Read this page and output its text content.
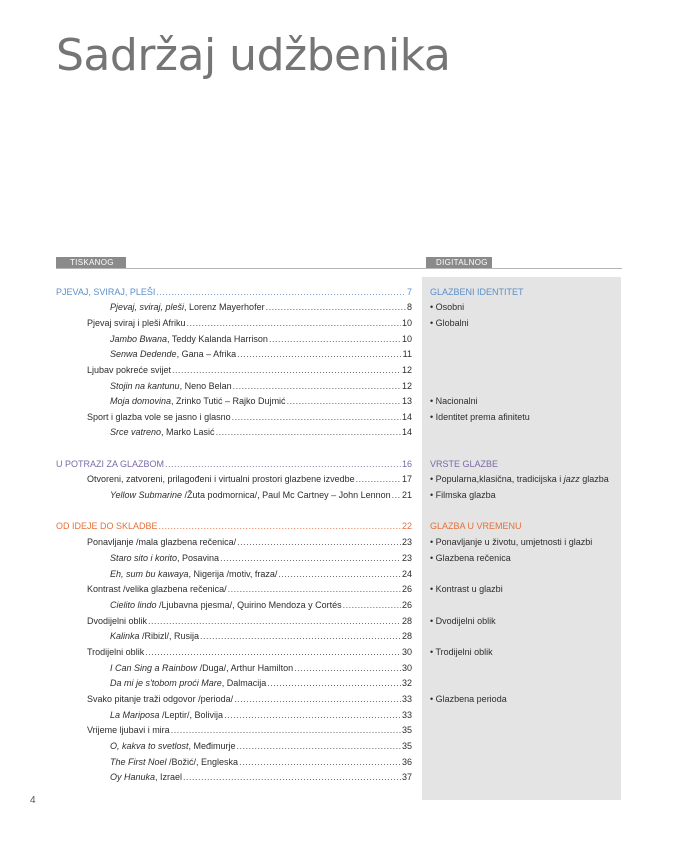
Sadržaj udžbenika
TISKANOG	DIGITALNOG
PJEVAJ, SVIRAJ, PLEŠI .....	7
Pjevaj, sviraj, pleši, Lorenz Mayerhofer .....	8
Pjevaj sviraj i pleši Afriku .....	10
Jambo Bwana, Teddy Kalanda Harrison .....	10
Senwa Dedende, Gana – Afrika .....	11
Ljubav pokreće svijet .....	12
Stojin na kantunu, Neno Belan .....	12
Moja domovina, Zrinko Tutić – Rajko Dujmić .....	13
Sport i glazba vole se jasno i glasno .....	14
Srce vatreno, Marko Lasić .....	14
U POTRAZI ZA GLAZBOM .....	16
Otvoreni, zatvoreni, prilagođeni i virtualni prostori glazbene izvedbe .....	17
Yellow Submarine /Žuta podmornica/, Paul Mc Cartney – John Lennon ..... 21
OD IDEJE DO SKLADBE .....	22
Ponavljanje /mala glazbena rečenica/ .....	23
Staro sito i korito, Posavina .....	23
Eh, sum bu kawaya, Nigerija /motiv, fraza/ .....	24
Kontrast /velika glazbena rečenica/ .....	26
Cielito lindo /Ljubavna pjesma/, Quirino Mendoza y Cortés .....	26
Dvodijelni oblik .....	28
Kalinka /Ribizl/, Rusija .....	28
Trodijelni oblik .....	30
I Can Sing a Rainbow /Duga/, Arthur Hamilton .....	30
Da mi je s'tobom proći Mare, Dalmacija .....	32
Svako pitanje traži odgovor /perioda/ .....	33
La Mariposa /Leptir/, Bolivija .....	33
Vrijeme ljubavi i mira .....	35
O, kakva to svetlost, Međimurje .....	35
The First Noel /Božić/, Engleska .....	36
Oy Hanuka, Izrael .....	37
GLAZBENI IDENTITET
• Osobni
• Globalni
• Nacionalni
• Identitet prema afinitetu
VRSTE GLAZBE
• Popularna,klasična, tradicijska i jazz glazba
• Filmska glazba
GLAZBA U VREMENU
• Ponavljanje u životu, umjetnosti i glazbi
• Glazbena rečenica
• Kontrast u glazbi
• Dvodijelni oblik
• Trodijelni oblik
• Glazbena perioda
4
